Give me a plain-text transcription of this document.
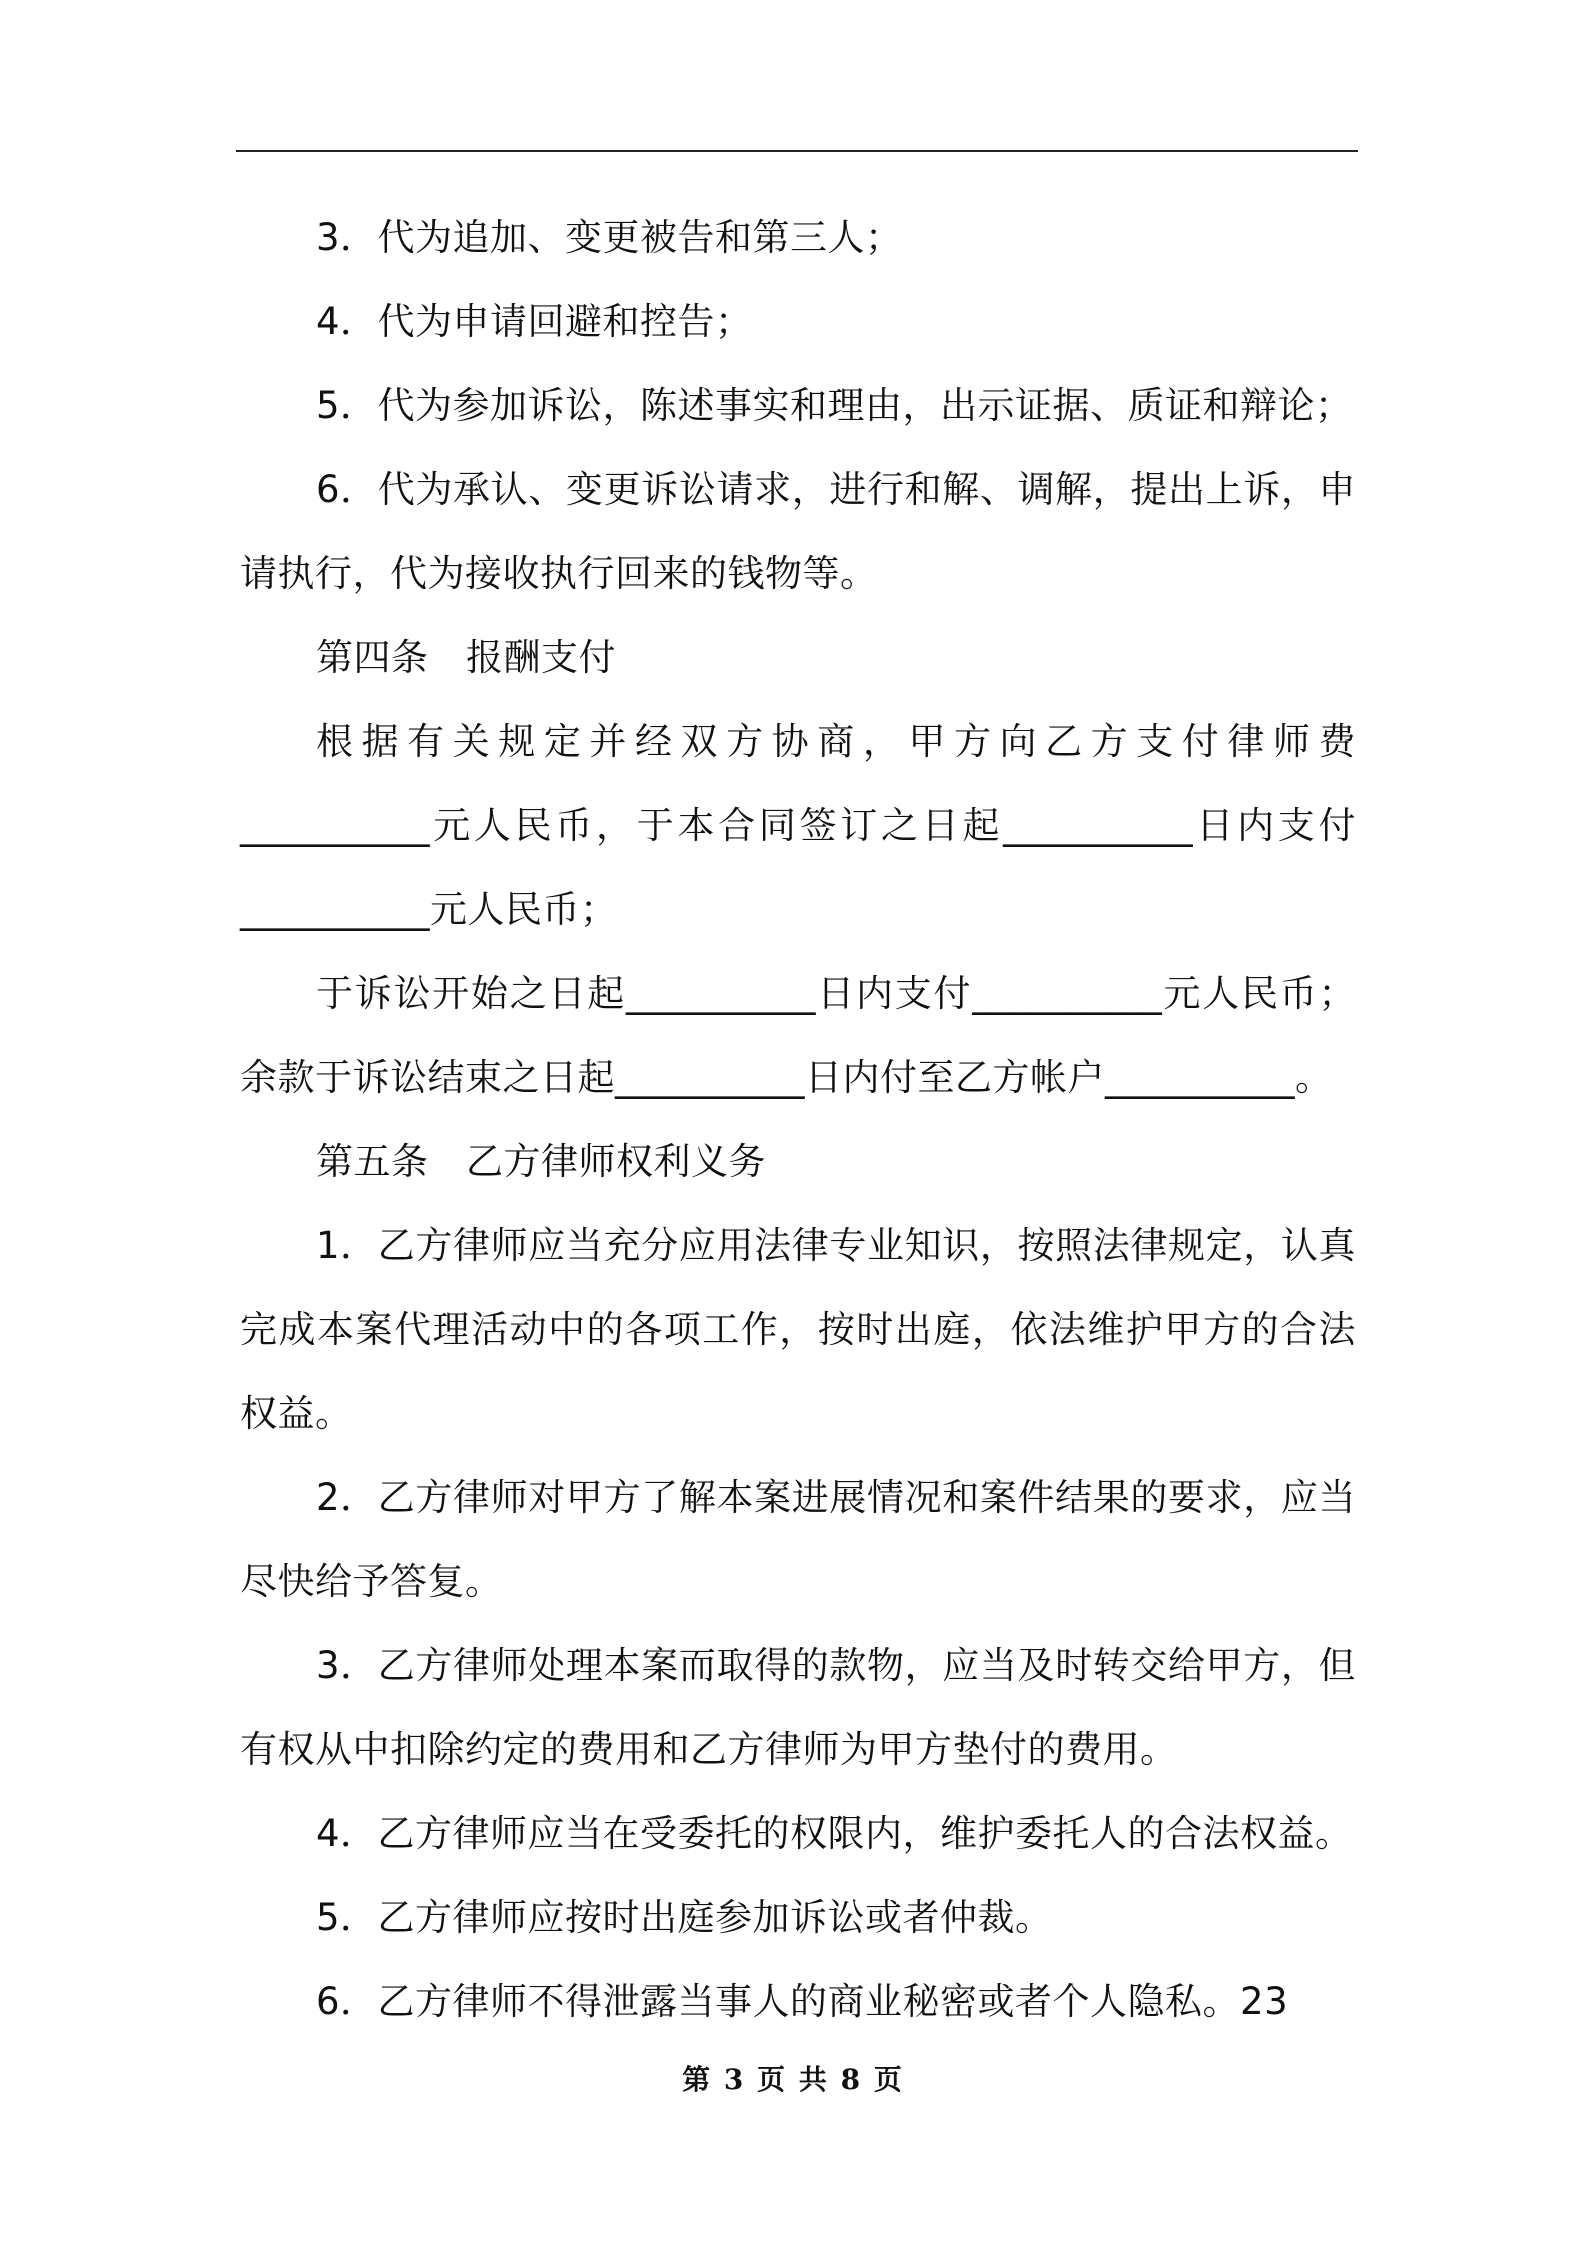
3．代为追加、变更被告和第三人；

4．代为申请回避和控告；

5．代为参加诉讼，陈述事实和理由，出示证据、质证和辩论；

6．代为承认、变更诉讼请求，进行和解、调解，提出上诉，申请执行，代为接收执行回来的钱物等。

第四条　报酬支付

根据有关规定并经双方协商，甲方向乙方支付律师费__________元人民币，于本合同签订之日起__________日内支付__________元人民币；

于诉讼开始之日起__________日内支付__________元人民币；余款于诉讼结束之日起__________日内付至乙方帐户__________。

第五条　乙方律师权利义务

1．乙方律师应当充分应用法律专业知识，按照法律规定，认真完成本案代理活动中的各项工作，按时出庭，依法维护甲方的合法权益。

2．乙方律师对甲方了解本案进展情况和案件结果的要求，应当尽快给予答复。

3．乙方律师处理本案而取得的款物，应当及时转交给甲方，但有权从中扣除约定的费用和乙方律师为甲方垫付的费用。

4．乙方律师应当在受委托的权限内，维护委托人的合法权益。

5．乙方律师应按时出庭参加诉讼或者仲裁。

6．乙方律师不得泄露当事人的商业秘密或者个人隐私。23

第 3 页 共 8 页
